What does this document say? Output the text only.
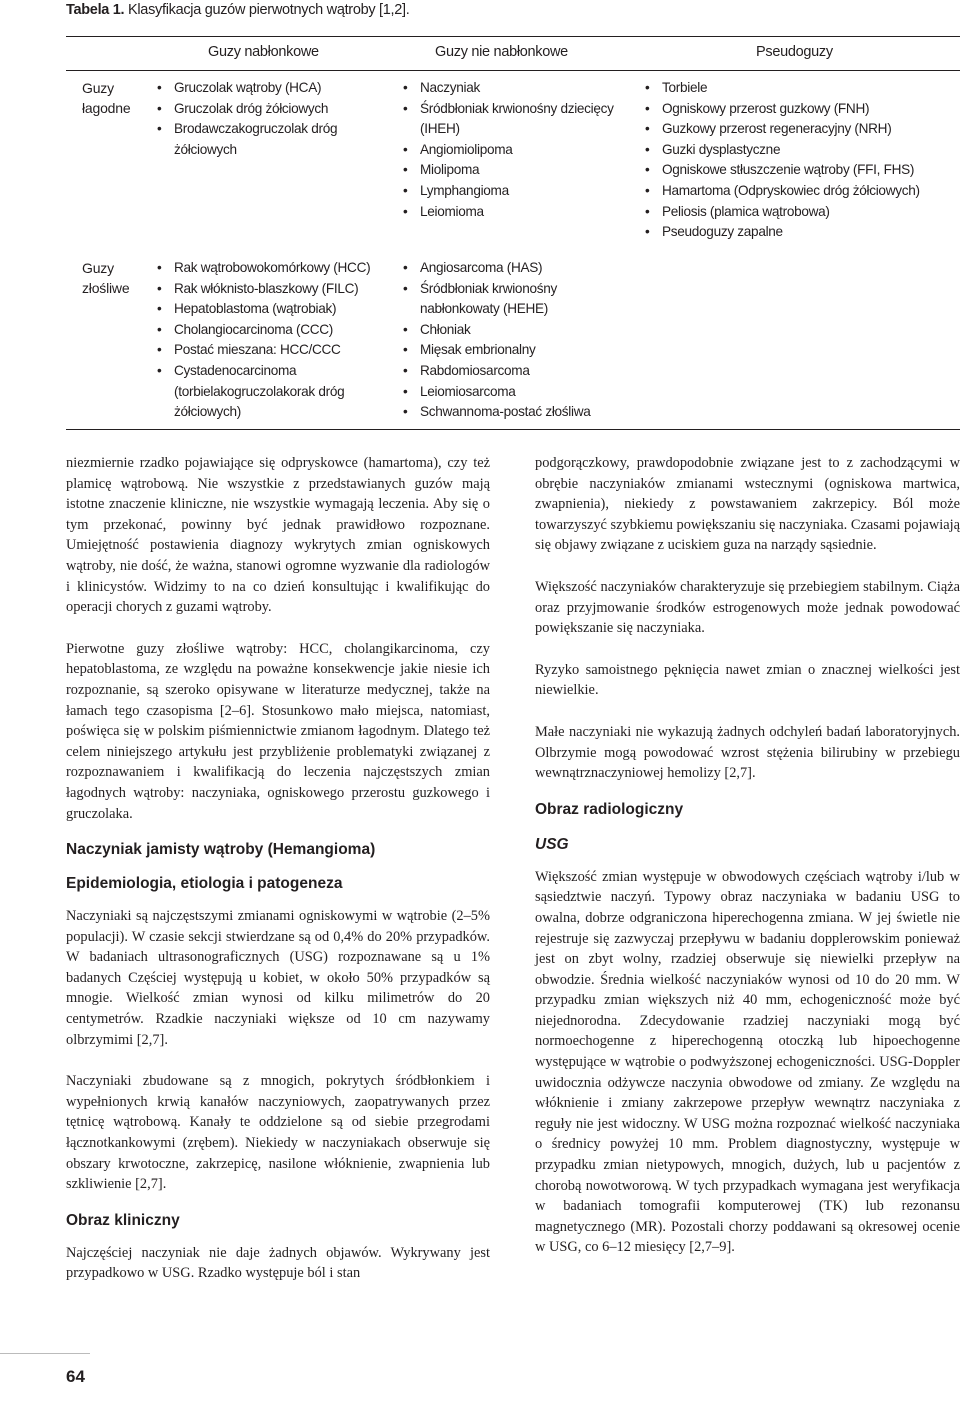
Tabela 1. Klasyfikacja guzów pierwotnych wątroby [1,2].
Guzy nabłonkowe	Guzy nie nabłonkowe	Pseudoguzy
Guzy
łagodne
• Gruczolak wątroby (HCA)
• Gruczolak dróg żółciowych
• Brodawczakogruczolak dróg
żółciowych
• Naczyniak
• Śródbłoniak krwionośny dziecięcy
(IHEH)
• Angiomiolipoma
• Miolipoma
• Lymphangioma
• Leiomioma
• Torbiele
• Ogniskowy przerost guzkowy (FNH)
• Guzkowy przerost regeneracyjny (NRH)
• Guzki dysplastyczne
• Ogniskowe stłuszczenie wątroby (FFI, FHS)
• Hamartoma (Odpryskowiec dróg żółciowych)
• Peliosis (plamica wątrobowa)
• Pseudoguzy zapalne
Guzy
złośliwe
• Rak wątrobowokomórkowy (HCC)
• Rak włóknisto-blaszkowy (FILC)
• Hepatoblastoma (wątrobiak)
• Cholangiocarcinoma (CCC)
• Postać mieszana: HCC/CCC
• Cystadenocarcinoma
(torbielakogruczolakorak dróg
żółciowych)
• Angiosarcoma (HAS)
• Śródbłoniak krwionośny
nabłonkowaty (HEHE)
• Chłoniak
• Mięsak embrionalny
• Rabdomiosarcoma
• Leiomiosarcoma
• Schwannoma-postać złośliwa

niezmiernie rzadko pojawiające się odpryskowce (hamartoma), czy też plamicę wątrobową. Nie wszystkie z przedstawianych guzów mają istotne znaczenie kliniczne, nie wszystkie wymagają leczenia. Aby się o tym przekonać, powinny być jednak prawidłowo rozpoznane. Umiejętność postawienia diagnozy wykrytych zmian ogniskowych wątroby, nie dość, że ważna, stanowi ogromne wyzwanie dla radiologów i klinicystów. Widzimy to na co dzień konsultując i kwalifikując do operacji chorych z guzami wątroby.

Pierwotne guzy złośliwe wątroby: HCC, cholangikarcinoma, czy hepatoblastoma, ze względu na poważne konsekwencje jakie niesie ich rozpoznanie, są szeroko opisywane w literaturze medycznej, także na łamach tego czasopisma [2–6]. Stosunkowo mało miejsca, natomiast, poświęca się w polskim piśmiennictwie zmianom łagodnym. Dlatego też celem niniejszego artykułu jest przybliżenie problematyki związanej z rozpoznawaniem i kwalifikacją do leczenia najczęstszych zmian łagodnych wątroby: naczyniaka, ogniskowego przerostu guzkowego i gruczolaka.

Naczyniak jamisty wątroby (Hemangioma)
Epidemiologia, etiologia i patogeneza

Naczyniaki są najczęstszymi zmianami ogniskowymi w wątrobie (2–5% populacji). W czasie sekcji stwierdzane są od 0,4% do 20% przypadków. W badaniach ultrasonograficznych (USG) rozpoznawane są u 1% badanych Częściej występują u kobiet, w około 50% przypadków są mnogie. Wielkość zmian wynosi od kilku milimetrów do 20 centymetrów. Rzadkie naczyniaki większe od 10 cm nazywamy olbrzymimi [2,7].

Naczyniaki zbudowane są z mnogich, pokrytych śródbłonkiem i wypełnionych krwią kanałów naczyniowych, zaopatrywanych przez tętnicę wątrobową. Kanały te oddzielone są od siebie przegrodami łącznotkankowymi (zrębem). Niekiedy w naczyniakach obserwuje się obszary krwotoczne, zakrzepicę, nasilone włóknienie, zwapnienia lub szkliwienie [2,7].

Obraz kliniczny

Najczęściej naczyniak nie daje żadnych objawów. Wykrywany jest przypadkowo w USG. Rzadko występuje ból i stan

podgorączkowy, prawdopodobnie związane jest to z zachodzącymi w obrębie naczyniaków zmianami wstecznymi (ogniskowa martwica, zwapnienia), niekiedy z powstawaniem zakrzepicy. Ból może towarzyszyć szybkiemu powiększaniu się naczyniaka. Czasami pojawiają się objawy związane z uciskiem guza na narządy sąsiednie.

Większość naczyniaków charakteryzuje się przebiegiem stabilnym. Ciąża oraz przyjmowanie środków estrogenowych może jednak powodować powiększanie się naczyniaka.

Ryzyko samoistnego pęknięcia nawet zmian o znacznej wielkości jest niewielkie.

Małe naczyniaki nie wykazują żadnych odchyleń badań laboratoryjnych. Olbrzymie mogą powodować wzrost stężenia bilirubiny w przebiegu wewnątrznaczyniowej hemolizy [2,7].

Obraz radiologiczny
USG

Większość zmian występuje w obwodowych częściach wątroby i/lub w sąsiedztwie naczyń. Typowy obraz naczyniaka w badaniu USG to owalna, dobrze odgraniczona hiperechogenna zmiana. W jej świetle nie rejestruje się zazwyczaj przepływu w badaniu dopplerowskim ponieważ jest on zbyt wolny, rzadziej obserwuje się niewielki przepływ na obwodzie. Średnia wielkość naczyniaków wynosi od 10 do 20 mm. W przypadku zmian większych niż 40 mm, echogeniczność może być niejednorodna. Zdecydowanie rzadziej naczyniaki mogą być normoechogenne z hiperechogenną otoczką lub hipoechogenne występujące w wątrobie o podwyższonej echogeniczności. USG-Doppler uwidocznia odżywcze naczynia obwodowe od zmiany. Ze względu na włóknienie i zmiany zakrzepowe przepływ wewnątrz naczyniaka z reguły nie jest widoczny. W USG można rozpoznać wielkość naczyniaka o średnicy powyżej 10 mm. Problem diagnostyczny, występuje w przypadku zmian nietypowych, mnogich, dużych, lub u pacjentów z chorobą nowotworową. W tych przypadkach wymagana jest weryfikacja w badaniach tomografii komputerowej (TK) lub rezonansu magnetycznego (MR). Pozostali chorzy poddawani są okresowej ocenie w USG, co 6–12 miesięcy [2,7–9].

64
